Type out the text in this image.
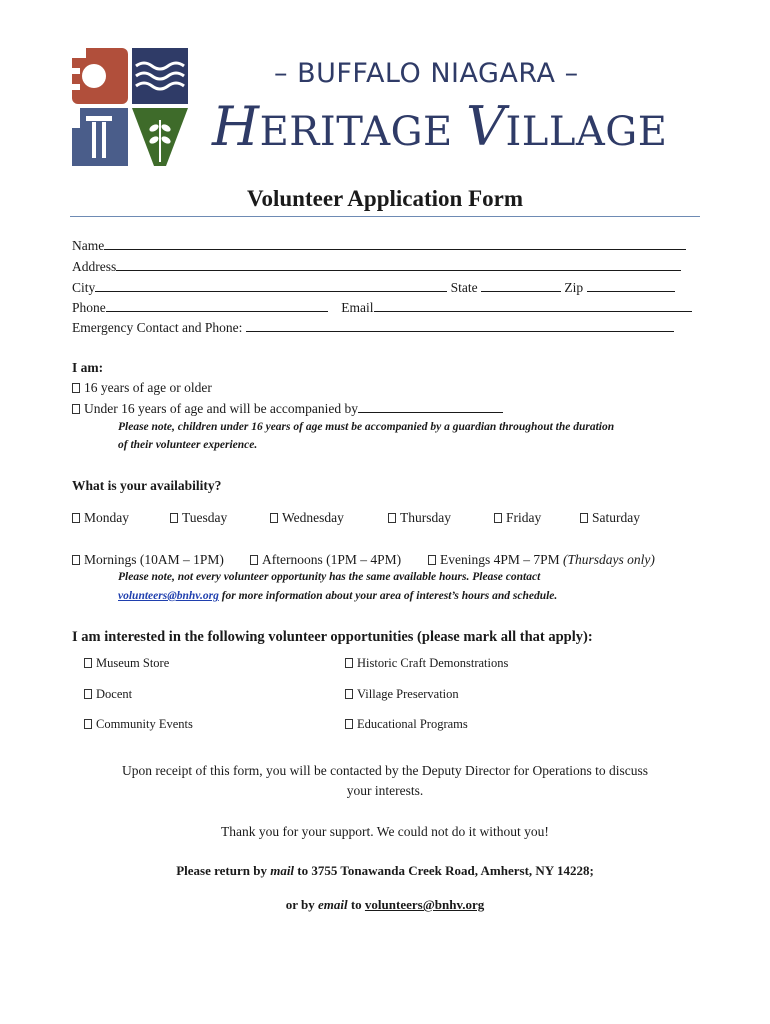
– BUFFALO NIAGARA –
HERITAGE VILLAGE
Volunteer Application Form
Name
Address
City	State	Zip
Phone	Email
Emergency Contact and Phone:
I am:
16 years of age or older
Under 16 years of age and will be accompanied by
Please note, children under 16 years of age must be accompanied by a guardian throughout the duration
of their volunteer experience.
What is your availability?
Monday	Tuesday	Wednesday	Thursday	Friday	Saturday
Mornings (10AM – 1PM)	Afternoons (1PM – 4PM)	Evenings 4PM – 7PM (Thursdays only)
Please note, not every volunteer opportunity has the same available hours. Please contact
volunteers@bnhv.org for more information about your area of interest’s hours and schedule.
I am interested in the following volunteer opportunities (please mark all that apply):
Museum Store	Historic Craft Demonstrations
Docent	Village Preservation
Community Events	Educational Programs
Upon receipt of this form, you will be contacted by the Deputy Director for Operations to discuss
your interests.
Thank you for your support. We could not do it without you!
Please return by mail to 3755 Tonawanda Creek Road, Amherst, NY 14228;
or by email to volunteers@bnhv.org
